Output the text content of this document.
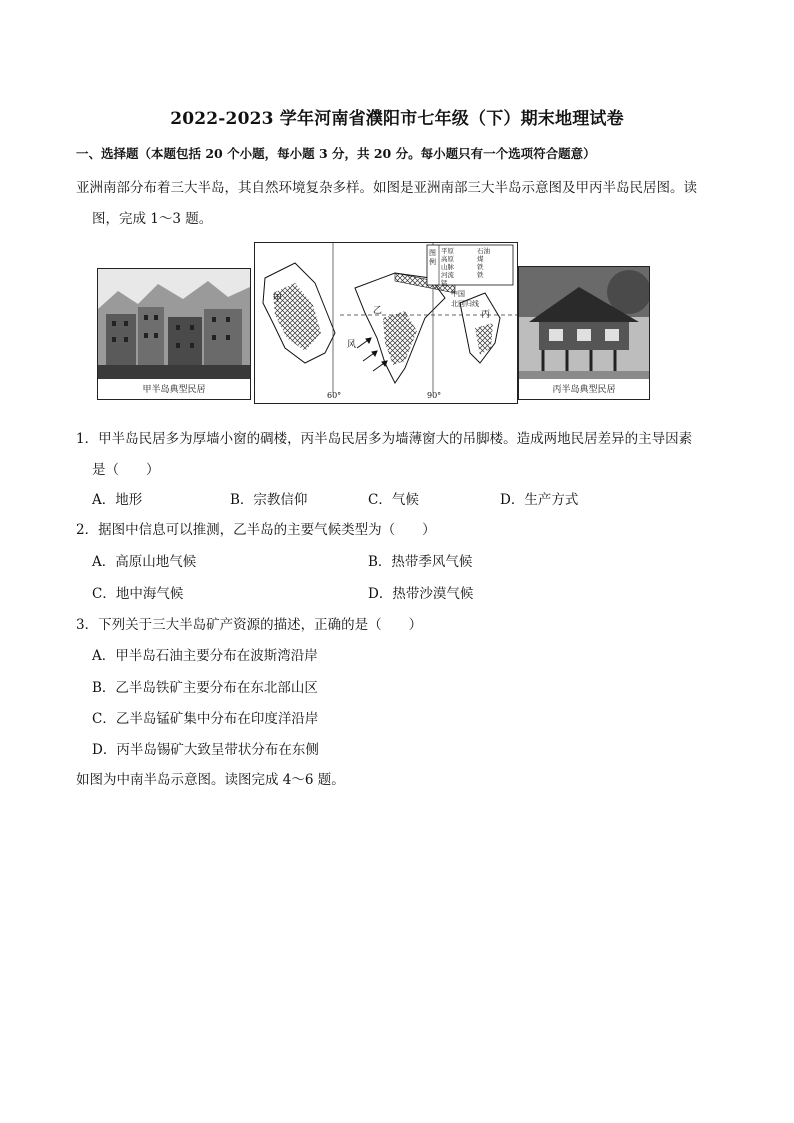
2022-2023 学年河南省濮阳市七年级（下）期末地理试卷
一、选择题（本题包括 20 个小题，每小题 3 分，共 20 分。每小题只有一个选项符合题意）
亚洲南部分布着三大半岛，其自然环境复杂多样。如图是亚洲南部三大半岛示意图及甲丙半岛民居图。读
图，完成 1～3 题。
甲半岛典型民居
甲
乙	丙
风
60°	90°
图例
平原	石油
高原	煤
山脉	铁
河流	铁
锰
中国
北回归线
丙半岛典型民居
1．甲半岛民居多为厚墙小窗的碉楼，丙半岛民居多为墙薄窗大的吊脚楼。造成两地民居差异的主导因素
是（　　）
A．地形	B．宗教信仰	C．气候	D．生产方式
2．据图中信息可以推测，乙半岛的主要气候类型为（　　）
A．高原山地气候	B．热带季风气候
C．地中海气候	D．热带沙漠气候
3．下列关于三大半岛矿产资源的描述，正确的是（　　）
A．甲半岛石油主要分布在波斯湾沿岸
B．乙半岛铁矿主要分布在东北部山区
C．乙半岛锰矿集中分布在印度洋沿岸
D．丙半岛锡矿大致呈带状分布在东侧
如图为中南半岛示意图。读图完成 4～6 题。
